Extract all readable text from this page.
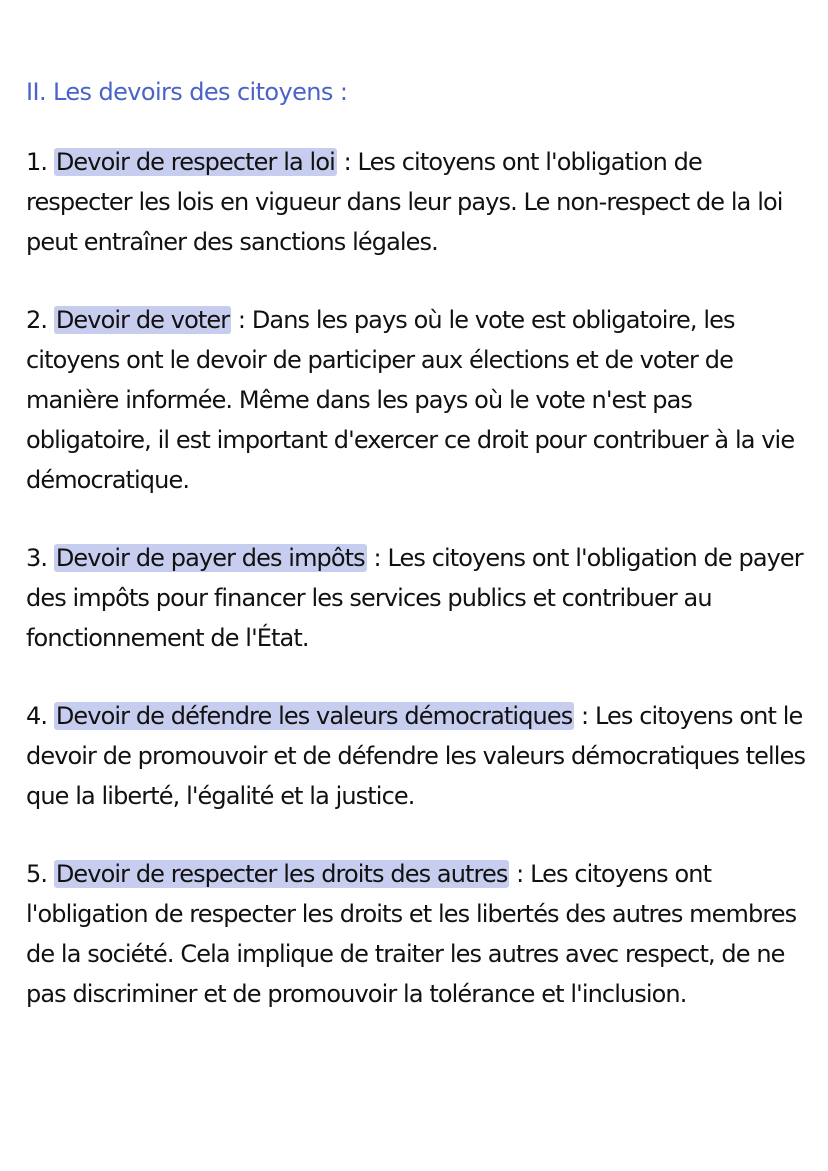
II. Les devoirs des citoyens :

1. Devoir de respecter la loi : Les citoyens ont l'obligation de respecter les lois en vigueur dans leur pays. Le non-respect de la loi peut entraîner des sanctions légales.

2. Devoir de voter : Dans les pays où le vote est obligatoire, les citoyens ont le devoir de participer aux élections et de voter de manière informée. Même dans les pays où le vote n'est pas obligatoire, il est important d'exercer ce droit pour contribuer à la vie démocratique.

3. Devoir de payer des impôts : Les citoyens ont l'obligation de payer des impôts pour financer les services publics et contribuer au fonctionnement de l'État.

4. Devoir de défendre les valeurs démocratiques : Les citoyens ont le devoir de promouvoir et de défendre les valeurs démocratiques telles que la liberté, l'égalité et la justice.

5. Devoir de respecter les droits des autres : Les citoyens ont l'obligation de respecter les droits et les libertés des autres membres de la société. Cela implique de traiter les autres avec respect, de ne pas discriminer et de promouvoir la tolérance et l'inclusion.
